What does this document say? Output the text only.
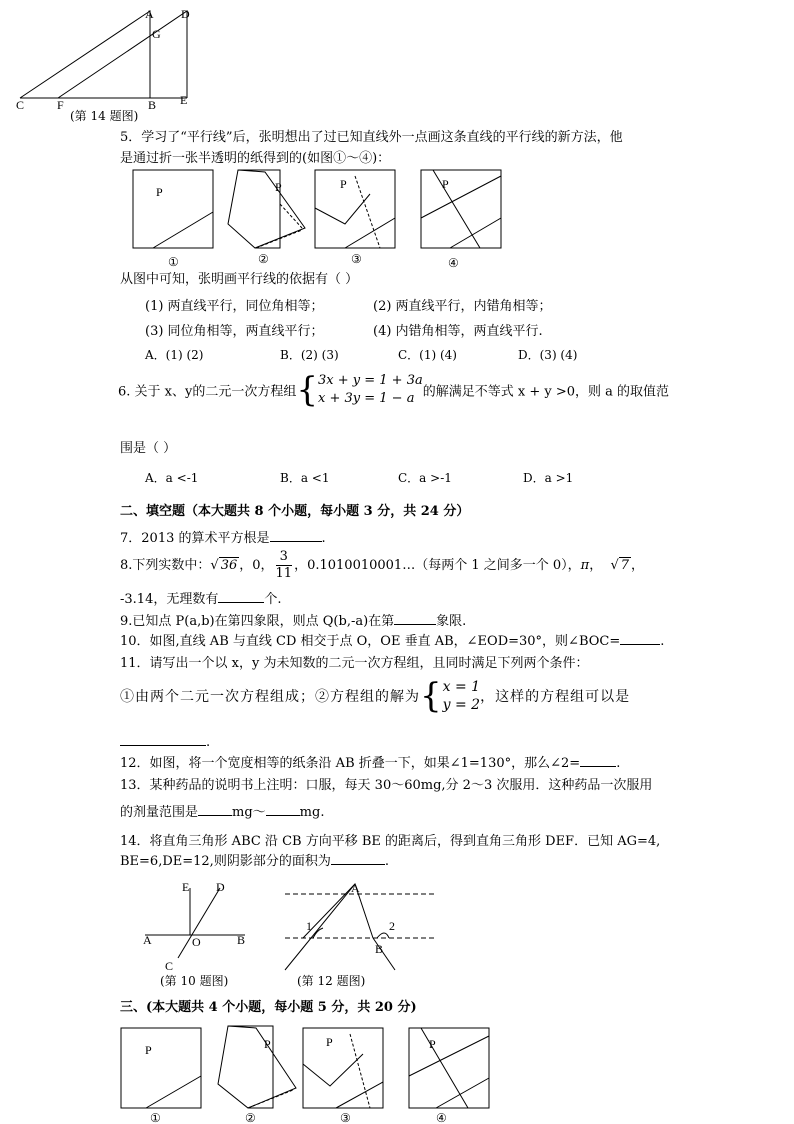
A D
G
C	F	B E
(第 14 题图)
5．学习了“平行线”后，张明想出了过已知直线外一点画这条直线的平行线的新方法，他
是通过折一张半透明的纸得到的(如图①～④)：
P	P	P	P
①	②	③	④
从图中可知，张明画平行线的依据有（ ）
(1) 两直线平行，同位角相等；	(2) 两直线平行，内错角相等；
(3) 同位角相等，两直线平行；	(4) 内错角相等，两直线平行.
A．(1) (2)	B．(2) (3)	C．(1) (4)	D．(3) (4)
6. 关于 x、y的二元一次方程组{ 3x + y = 1 + 3a
x + 3y = 1 − a 的解满足不等式 x + y >0，则 a 的取值范
围是（ ）
A．a <-1	B．a <1	C．a >-1	D．a >1
二、填空题（本大题共 8 个小题，每小题 3 分，共 24 分）
7．2013 的算术平方根是	.
8.下列实数中：√ 36 ，0， $\frac{3}{11}$ ，0.1010010001…（每两个 1 之间多一个 0），π， √ 7 ，
-3.14，无理数有	个.
9.已知点 P(a,b)在第四象限，则点 Q(b,-a)在第	象限.
10．如图,直线 AB 与直线 CD 相交于点 O，OE 垂直 AB，∠EOD=30°，则∠BOC=	.
11．请写出一个以 x，y 为未知数的二元一次方程组，且同时满足下列两个条件：
①由两个二元一次方程组成；②方程组的解为{ x = 1
y = 2 ，这样的方程组可以是
.
12．如图，将一个宽度相等的纸条沿 AB 折叠一下，如果∠1=130°，那么∠2=	.
13．某种药品的说明书上注明：口服，每天 30～60mg,分 2～3 次服用．这种药品一次服用
的剂量范围是	mg～	mg.
14．将直角三角形 ABC 沿 CB 方向平移 BE 的距离后，得到直角三角形 DEF．已知 AG=4,
BE=6,DE=12,则阴影部分的面积为	.
E D
A	O	B
C
(第 10 题图)
A
B
1	2
(第 12 题图)
三、(本大题共 4 个小题，每小题 5 分，共 20 分)
P	P	P	P
①	②	③	④
